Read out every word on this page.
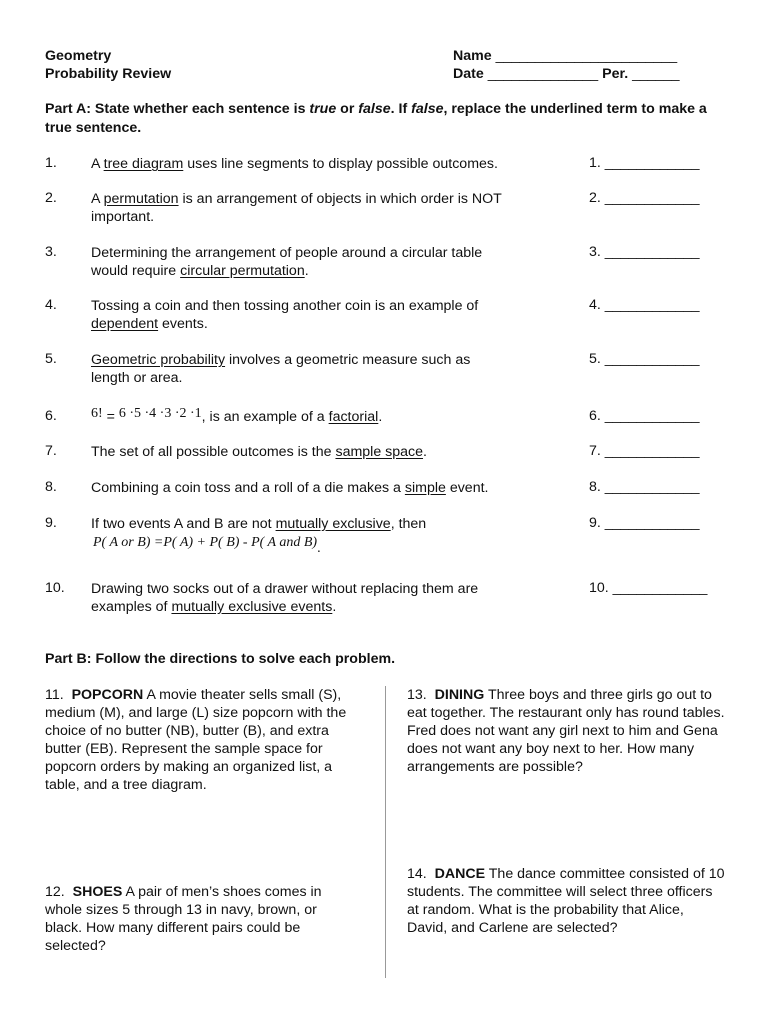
Geometry
Probability Review
Name _______________________
Date ______________ Per. ______
Part A: State whether each sentence is true or false. If false, replace the underlined term to make a true sentence.
1. A tree diagram uses line segments to display possible outcomes.	1. ____________
2. A permutation is an arrangement of objects in which order is NOT important.
2. ____________
3. Determining the arrangement of people around a circular table would require circular permutation.
3. ____________
4. Tossing a coin and then tossing another coin is an example of dependent events.
4. ____________
5. Geometric probability involves a geometric measure such as length or area.
5. ____________
6. 6! = 6 ·5 ·4 ·3 ·2 ·1, is an example of a factorial.	6. ____________
7. The set of all possible outcomes is the sample space.	7. ____________
8. Combining a coin toss and a roll of a die makes a simple event.	8. ____________
9. If two events A and B are not mutually exclusive, then
P( A or B) =P( A) + P( B) - P( A and B).
9. ____________
10. Drawing two socks out of a drawer without replacing them are examples of mutually exclusive events.
10. ____________
Part B: Follow the directions to solve each problem.
11. POPCORN A movie theater sells small (S), medium (M), and large (L) size popcorn with the choice of no butter (NB), butter (B), and extra butter (EB). Represent the sample space for popcorn orders by making an organized list, a table, and a tree diagram.
12. SHOES A pair of men’s shoes comes in whole sizes 5 through 13 in navy, brown, or black. How many different pairs could be selected?
13. DINING Three boys and three girls go out to eat together. The restaurant only has round tables. Fred does not want any girl next to him and Gena does not want any boy next to her. How many arrangements are possible?
14. DANCE The dance committee consisted of 10 students. The committee will select three officers at random. What is the probability that Alice, David, and Carlene are selected?
